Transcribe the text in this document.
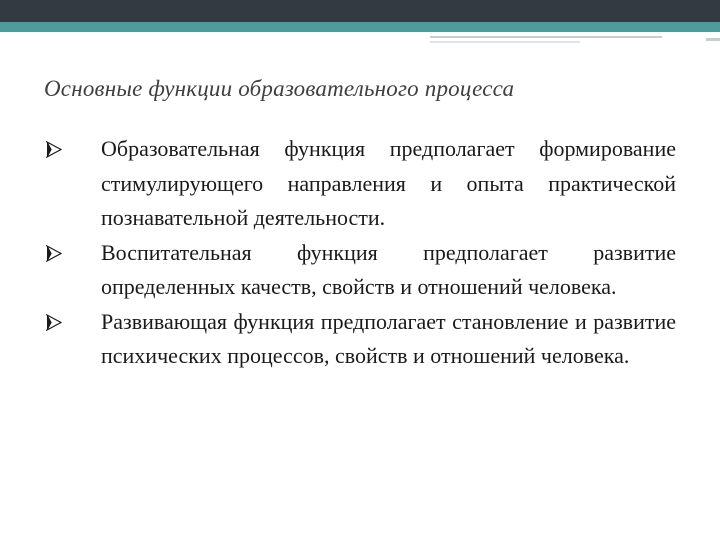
Основные функции образовательного процесса
Образовательная функция предполагает формирование стимулирующего направления и опыта практической познавательной деятельности.
Воспитательная функция предполагает развитие определенных качеств, свойств и отношений человека.
Развивающая функция предполагает становление и развитие психических процессов, свойств и отношений человека.
